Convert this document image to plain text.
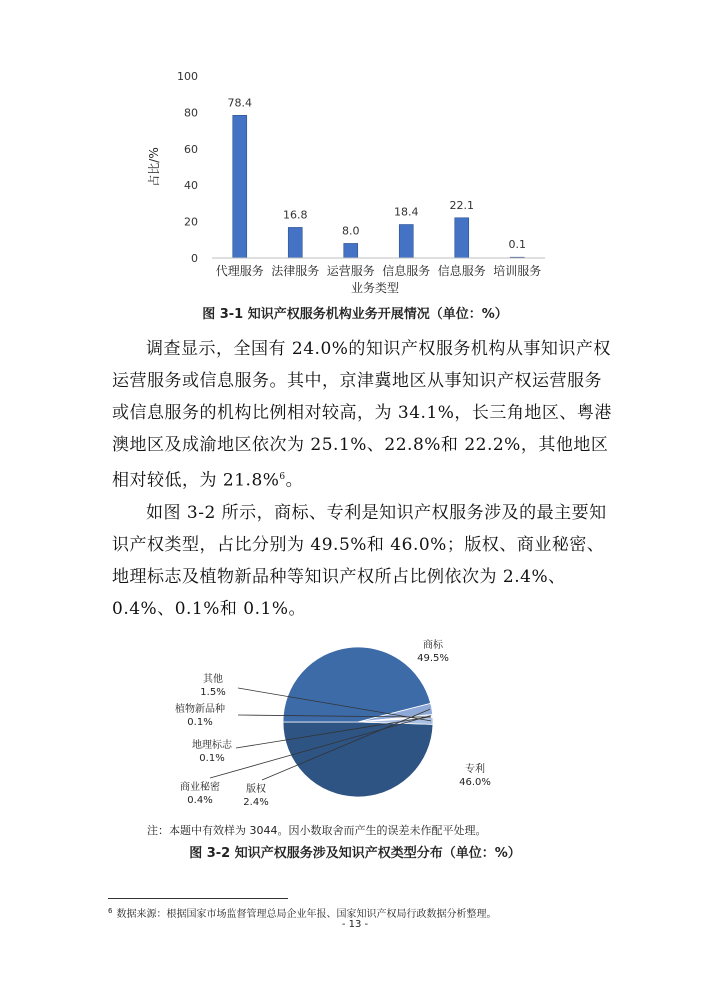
0
20
40
60
80
100
78.4
16.8
8.0
18.4
22.1
0.1
代理服务 法律服务 运营服务 信息服务 信息服务 培训服务
占比/%
业务类型
图 3-1 知识产权服务机构业务开展情况（单位：%）

调查显示，全国有 24.0%的知识产权服务机构从事知识产权运营服务或信息服务。其中，京津冀地区从事知识产权运营服务或信息服务的机构比例相对较高，为 34.1%，长三角地区、粤港澳地区及成渝地区依次为 25.1%、22.8%和 22.2%，其他地区相对较低，为 21.8%$^6$。

如图 3-2 所示，商标、专利是知识产权服务涉及的最主要知识产权类型，占比分别为 49.5%和 46.0%；版权、商业秘密、地理标志及植物新品种等知识产权所占比例依次为 2.4%、0.4%、0.1%和 0.1%。

商标
49.5%
专利
46.0%
版权
2.4%
商业秘密
0.4%
地理标志
0.1%
植物新品种
0.1%
其他
1.5%
注：本题中有效样为 3044。因小数取舍而产生的误差未作配平处理。
图 3-2 知识产权服务涉及知识产权类型分布（单位：%）
$^6$ 数据来源：根据国家市场监督管理总局企业年报、国家知识产权局行政数据分析整理。
- 13 -
